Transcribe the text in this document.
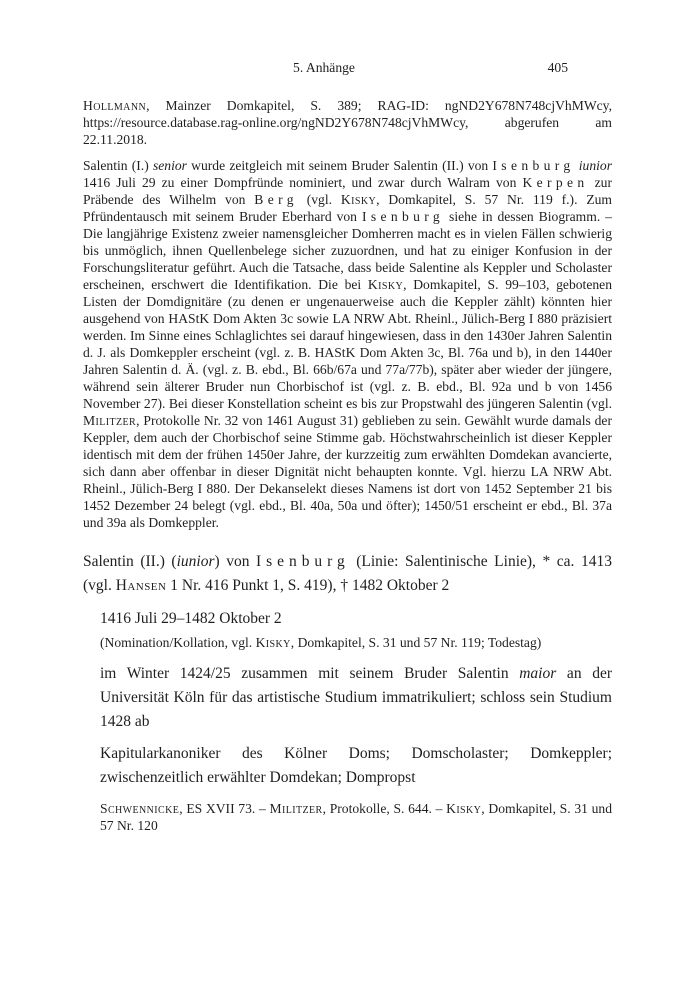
5. Anhänge	405

Hollmann, Mainzer Domkapitel, S. 389; RAG-ID: ngND2Y678N748cjVhMWcy, https://resource.database.rag-online.org/ngND2Y678N748cjVhMWcy, abgerufen am 22.11.2018.

Salentin (I.) senior wurde zeitgleich mit seinem Bruder Salentin (II.) von Isenburg iunior 1416 Juli 29 zu einer Dompfründe nominiert, und zwar durch Walram von Kerpen zur Präbende des Wilhelm von Berg (vgl. Kisky, Domkapitel, S. 57 Nr. 119 f.). Zum Pfründentausch mit seinem Bruder Eberhard von Isenburg siehe in dessen Biogramm. – Die langjährige Existenz zweier namensgleicher Domherren macht es in vielen Fällen schwierig bis unmöglich, ihnen Quellenbelege sicher zuzuordnen, und hat zu einiger Konfusion in der Forschungsliteratur geführt. Auch die Tatsache, dass beide Salentine als Keppler und Scholaster erscheinen, erschwert die Identifikation. Die bei Kisky, Domkapitel, S. 99–103, gebotenen Listen der Domdignitäre (zu denen er ungenauerweise auch die Keppler zählt) könnten hier ausgehend von HAStK Dom Akten 3c sowie LA NRW Abt. Rheinl., Jülich-Berg I 880 präzisiert werden. Im Sinne eines Schlaglichtes sei darauf hingewiesen, dass in den 1430er Jahren Salentin d. J. als Domkeppler erscheint (vgl. z. B. HAStK Dom Akten 3c, Bl. 76a und b), in den 1440er Jahren Salentin d. Ä. (vgl. z. B. ebd., Bl. 66b/67a und 77a/77b), später aber wieder der jüngere, während sein älterer Bruder nun Chorbischof ist (vgl. z. B. ebd., Bl. 92a und b von 1456 November 27). Bei dieser Konstellation scheint es bis zur Propstwahl des jüngeren Salentin (vgl. Militzer, Protokolle Nr. 32 von 1461 August 31) geblieben zu sein. Gewählt wurde damals der Keppler, dem auch der Chorbischof seine Stimme gab. Höchstwahrscheinlich ist dieser Keppler identisch mit dem der frühen 1450er Jahre, der kurzzeitig zum erwählten Domdekan avancierte, sich dann aber offenbar in dieser Dignität nicht behaupten konnte. Vgl. hierzu LA NRW Abt. Rheinl., Jülich-Berg I 880. Der Dekanselekt dieses Namens ist dort von 1452 September 21 bis 1452 Dezember 24 belegt (vgl. ebd., Bl. 40a, 50a und öfter); 1450/51 erscheint er ebd., Bl. 37a und 39a als Domkeppler.

Salentin (II.) (iunior) von Isenburg (Linie: Salentinische Linie), * ca. 1413 (vgl. Hansen 1 Nr. 416 Punkt 1, S. 419), † 1482 Oktober 2

1416 Juli 29–1482 Oktober 2

(Nomination/Kollation, vgl. Kisky, Domkapitel, S. 31 und 57 Nr. 119; Todestag)

im Winter 1424/25 zusammen mit seinem Bruder Salentin maior an der Universität Köln für das artistische Studium immatrikuliert; schloss sein Studium 1428 ab

Kapitularkanoniker des Kölner Doms; Domscholaster; Domkeppler; zwischenzeitlich erwählter Domdekan; Dompropst

Schwennicke, ES XVII 73. – Militzer, Protokolle, S. 644. – Kisky, Domkapitel, S. 31 und 57 Nr. 120
